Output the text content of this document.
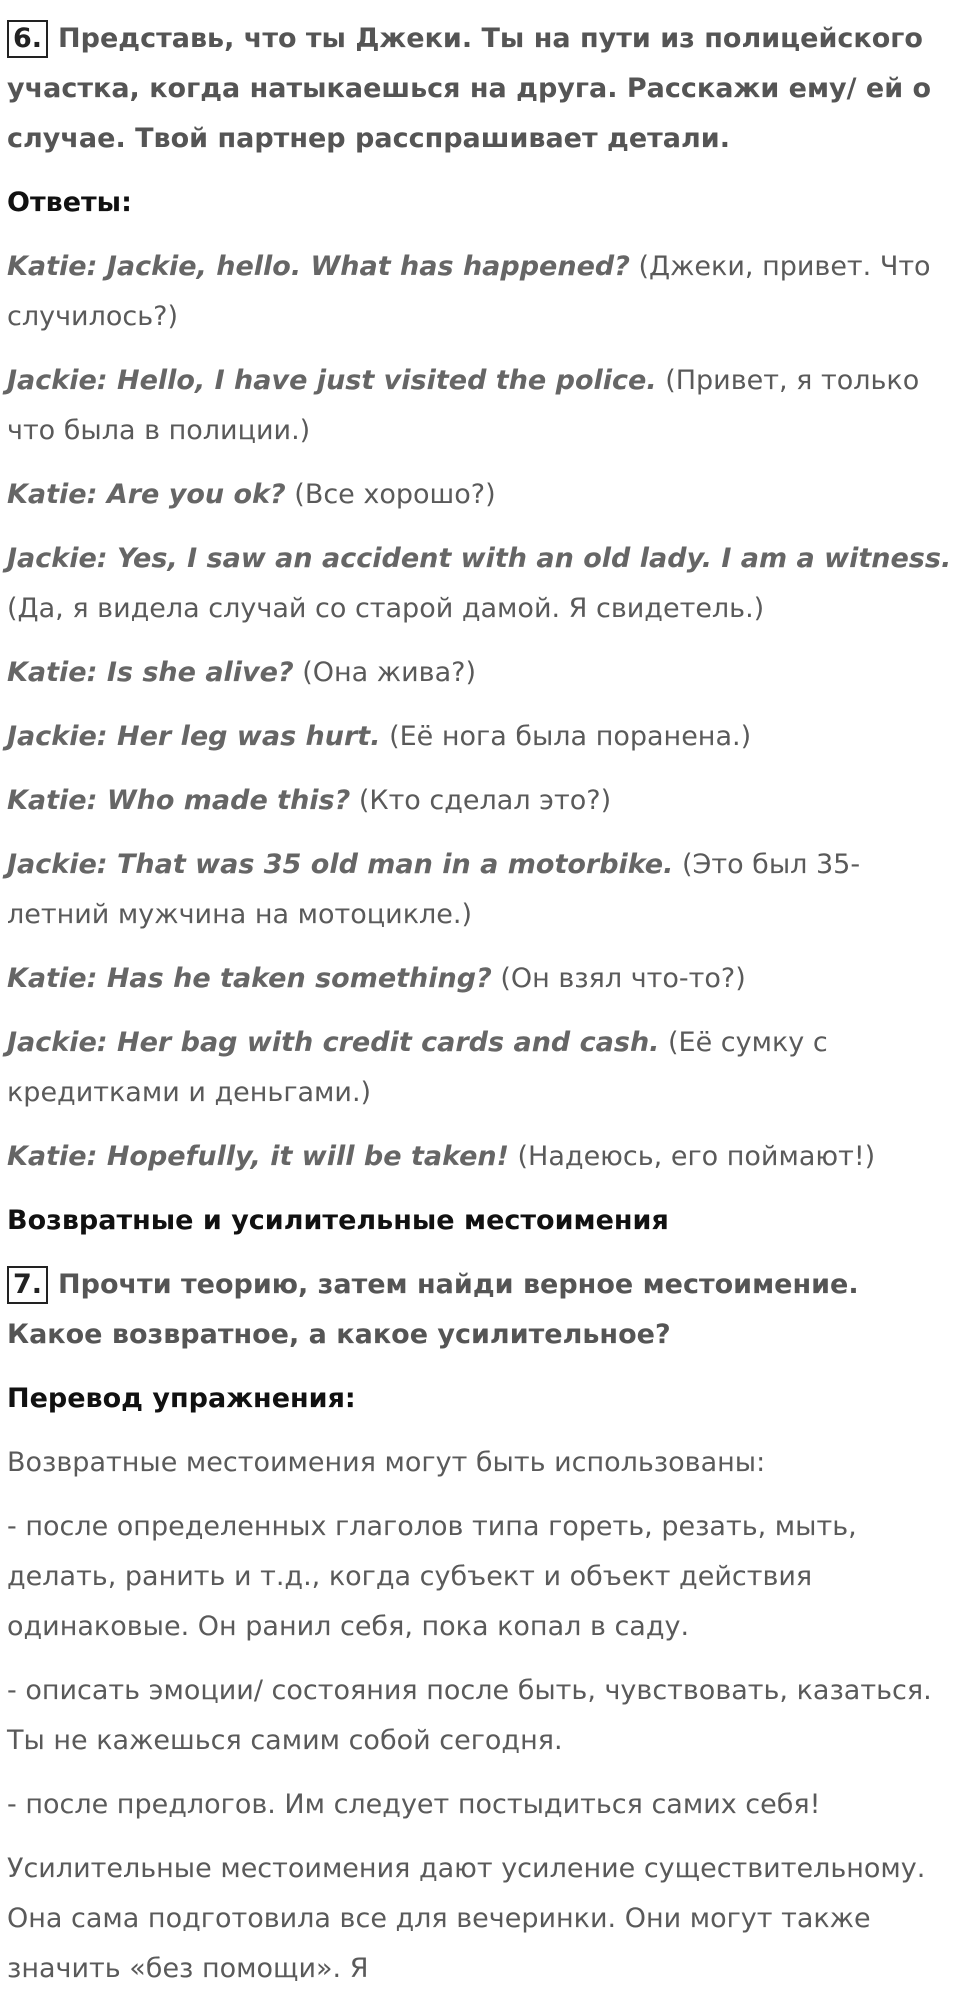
6. Представь, что ты Джеки. Ты на пути из полицейского участка, когда натыкаешься на друга. Расскажи ему/ ей о случае. Твой партнер расспрашивает детали.

Ответы:

Katie: Jackie, hello. What has happened? (Джеки, привет. Что случилось?)

Jackie: Hello, I have just visited the police. (Привет, я только что была в полиции.)

Katie: Are you ok? (Все хорошо?)

Jackie: Yes, I saw an accident with an old lady. I am a witness. (Да, я видела случай со старой дамой. Я свидетель.)

Katie: Is she alive? (Она жива?)

Jackie: Her leg was hurt. (Её нога была поранена.)

Katie: Who made this? (Кто сделал это?)

Jackie: That was 35 old man in a motorbike. (Это был 35-летний мужчина на мотоцикле.)

Katie: Has he taken something? (Он взял что-то?)

Jackie: Her bag with credit cards and cash. (Её сумку с кредитками и деньгами.)

Katie: Hopefully, it will be taken! (Надеюсь, его поймают!)

Возвратные и усилительные местоимения

7. Прочти теорию, затем найди верное местоимение. Какое возвратное, а какое усилительное?

Перевод упражнения:

Возвратные местоимения могут быть использованы:

- после определенных глаголов типа гореть, резать, мыть, делать, ранить и т.д., когда субъект и объект действия одинаковые. Он ранил себя, пока копал в саду.

- описать эмоции/ состояния после быть, чувствовать, казаться. Ты не кажешься самим собой сегодня.

- после предлогов. Им следует постыдиться самих себя!

Усилительные местоимения дают усиление существительному. Она сама подготовила все для вечеринки. Они могут также значить «без помощи». Я
